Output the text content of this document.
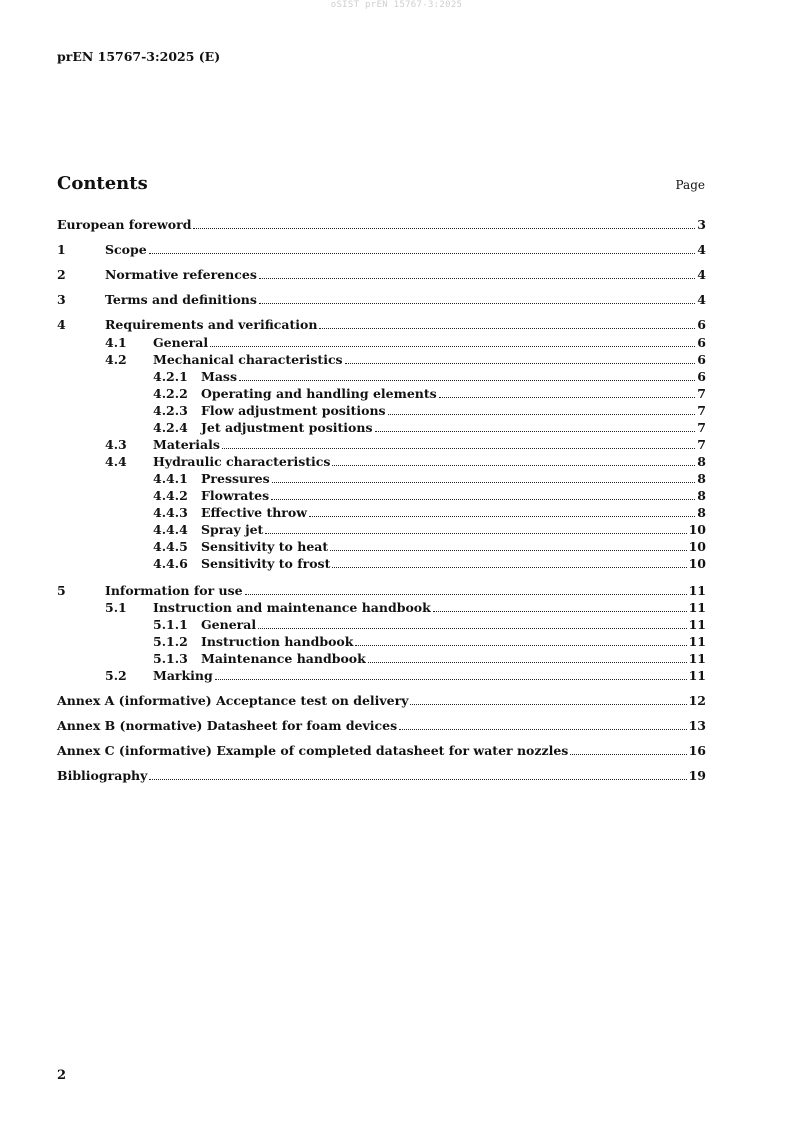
oSIST prEN 15767-3:2025
prEN 15767-3:2025 (E)
Contents	Page
European foreword	3
1	Scope	4
2	Normative references	4
3	Terms and definitions	4
4	Requirements and verification	6
4.1 General	6
4.2 Mechanical characteristics	6
4.2.1 Mass	6
4.2.2 Operating and handling elements	7
4.2.3 Flow adjustment positions	7
4.2.4 Jet adjustment positions	7
4.3 Materials	7
4.4 Hydraulic characteristics	8
4.4.1 Pressures	8
4.4.2 Flowrates	8
4.4.3 Effective throw	8
4.4.4 Spray jet	10
4.4.5 Sensitivity to heat	10
4.4.6 Sensitivity to frost	10
5	Information for use	11
5.1 Instruction and maintenance handbook	11
5.1.1 General	11
5.1.2 Instruction handbook	11
5.1.3 Maintenance handbook	11
5.2 Marking	11
Annex A (informative) Acceptance test on delivery	12
Annex B (normative) Datasheet for foam devices	13
Annex C (informative) Example of completed datasheet for water nozzles	16
Bibliography	19
2
